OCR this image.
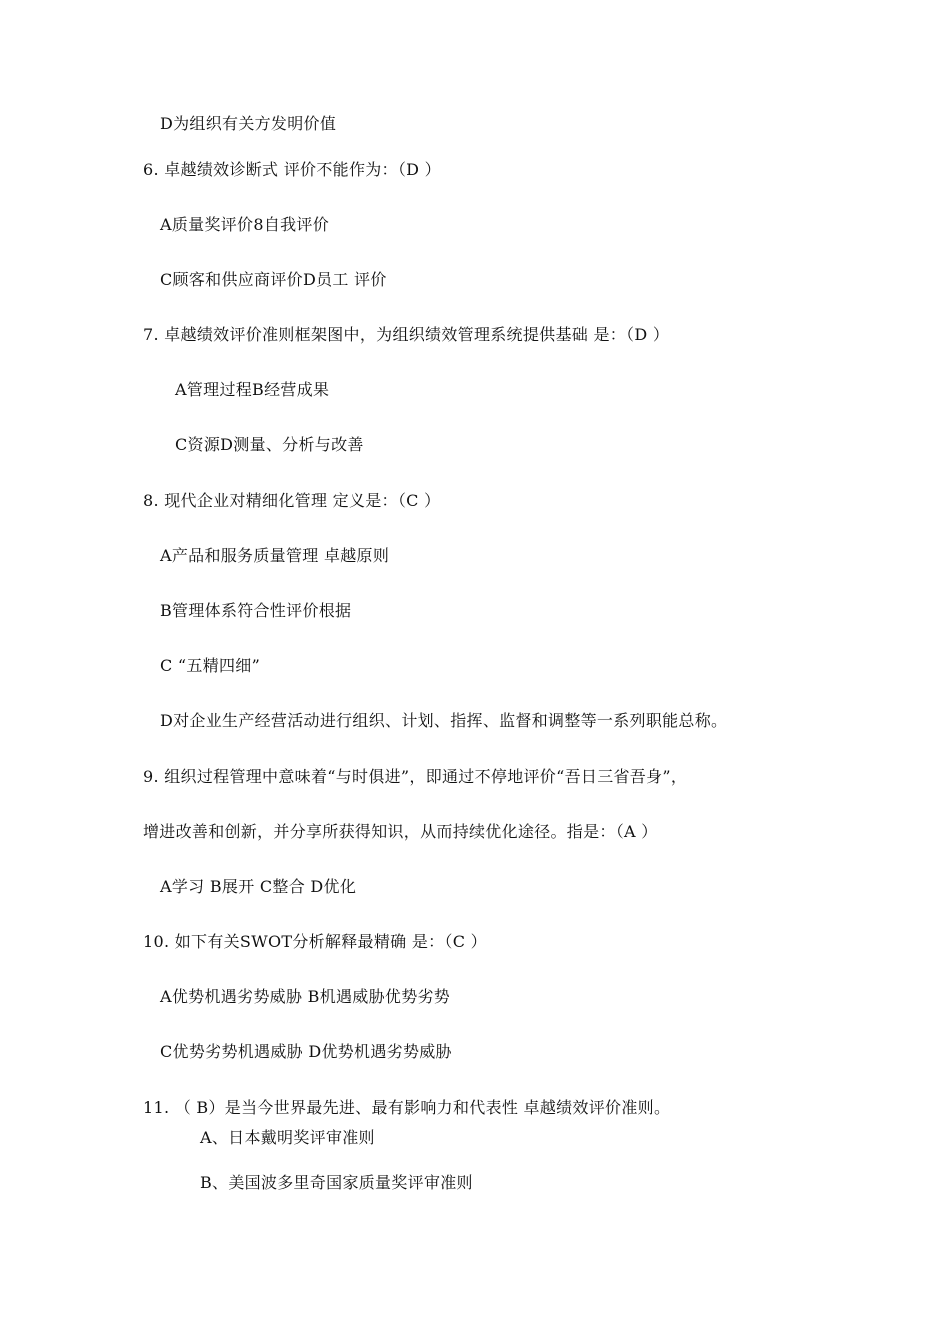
D为组织有关方发明价值
6. 卓越绩效诊断式 评价不能作为：（D ）
A质量奖评价8自我评价
C顾客和供应商评价D员工 评价
7. 卓越绩效评价准则框架图中，为组织绩效管理系统提供基础 是：（D ）
A管理过程B经营成果
C资源D测量、分析与改善
8. 现代企业对精细化管理 定义是：（C ）
A产品和服务质量管理 卓越原则
B管理体系符合性评价根据
C “五精四细”
D对企业生产经营活动进行组织、计划、指挥、监督和调整等一系列职能总称。
9. 组织过程管理中意味着“与时俱进”，即通过不停地评价“吾日三省吾身”，
增进改善和创新，并分享所获得知识，从而持续优化途径。指是：（A ）
A学习 B展开 C整合 D优化
10. 如下有关SWOT分析解释最精确 是：（C ）
A优势机遇劣势威胁 B机遇威胁优势劣势
C优势劣势机遇威胁 D优势机遇劣势威胁
11. （ B）是当今世界最先进、最有影响力和代表性 卓越绩效评价准则。
A、日本戴明奖评审准则
B、美国波多里奇国家质量奖评审准则
